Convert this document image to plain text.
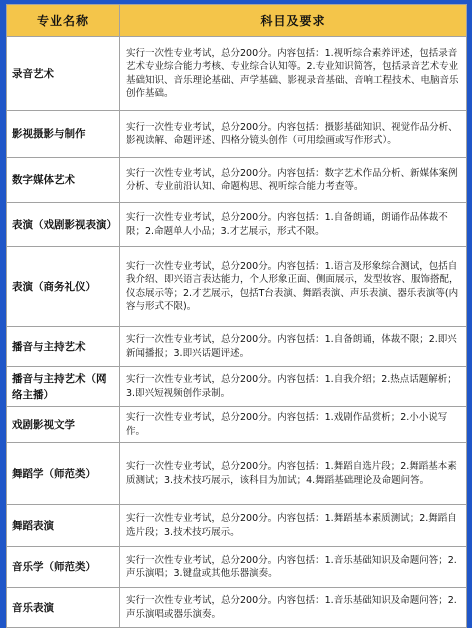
专业名称	科目及要求
录音艺术	实行一次性专业考试，总分200分。内容包括：1.视听综合素养评述，包括录音艺术专业综合能力考核、专业综合认知等。2.专业知识简答，包括录音艺术专业基础知识、音乐理论基础、声学基础、影视录音基础、音响工程技术、电脑音乐创作基础。
影视摄影与制作	实行一次性专业考试，总分200分。内容包括：摄影基础知识、视觉作品分析、影视读解、命题评述、四格分镜头创作（可用绘画或写作形式）。
数字媒体艺术	实行一次性专业考试，总分200分。内容包括：数字艺术作品分析、新媒体案例分析、专业前沿认知、命题构思、视听综合能力考查等。
表演（戏剧影视表演）	实行一次性专业考试，总分200分。内容包括：1.自备朗诵，朗诵作品体裁不限；2.命题单人小品；3.才艺展示，形式不限。
表演（商务礼仪）	实行一次性专业考试，总分200分。内容包括：1.语言及形象综合测试，包括自我介绍、即兴语言表达能力，个人形象正面、侧面展示，发型妆容、服饰搭配，仪态展示等；2.才艺展示，包括T台表演、舞蹈表演、声乐表演、器乐表演等(内容与形式不限)。
播音与主持艺术	实行一次性专业考试，总分200分。内容包括：1.自备朗诵，体裁不限；2.即兴新闻播报；3.即兴话题评述。
播音与主持艺术（网络主播）	实行一次性专业考试，总分200分。内容包括：1.自我介绍；2.热点话题解析；3.即兴短视频创作录制。
戏剧影视文学	实行一次性专业考试，总分200分。内容包括：1.戏剧作品赏析；2.小小说写作。
舞蹈学（师范类）	实行一次性专业考试，总分200分。内容包括：1.舞蹈自选片段；2.舞蹈基本素质测试；3.技术技巧展示，该科目为加试；4.舞蹈基础理论及命题问答。
舞蹈表演	实行一次性专业考试，总分200分。内容包括：1.舞蹈基本素质测试；2.舞蹈自选片段；3.技术技巧展示。
音乐学（师范类）	实行一次性专业考试，总分200分。内容包括：1.音乐基础知识及命题问答；2.声乐演唱；3.键盘或其他乐器演奏。
音乐表演	实行一次性专业考试，总分200分。内容包括：1.音乐基础知识及命题问答；2.声乐演唱或器乐演奏。
